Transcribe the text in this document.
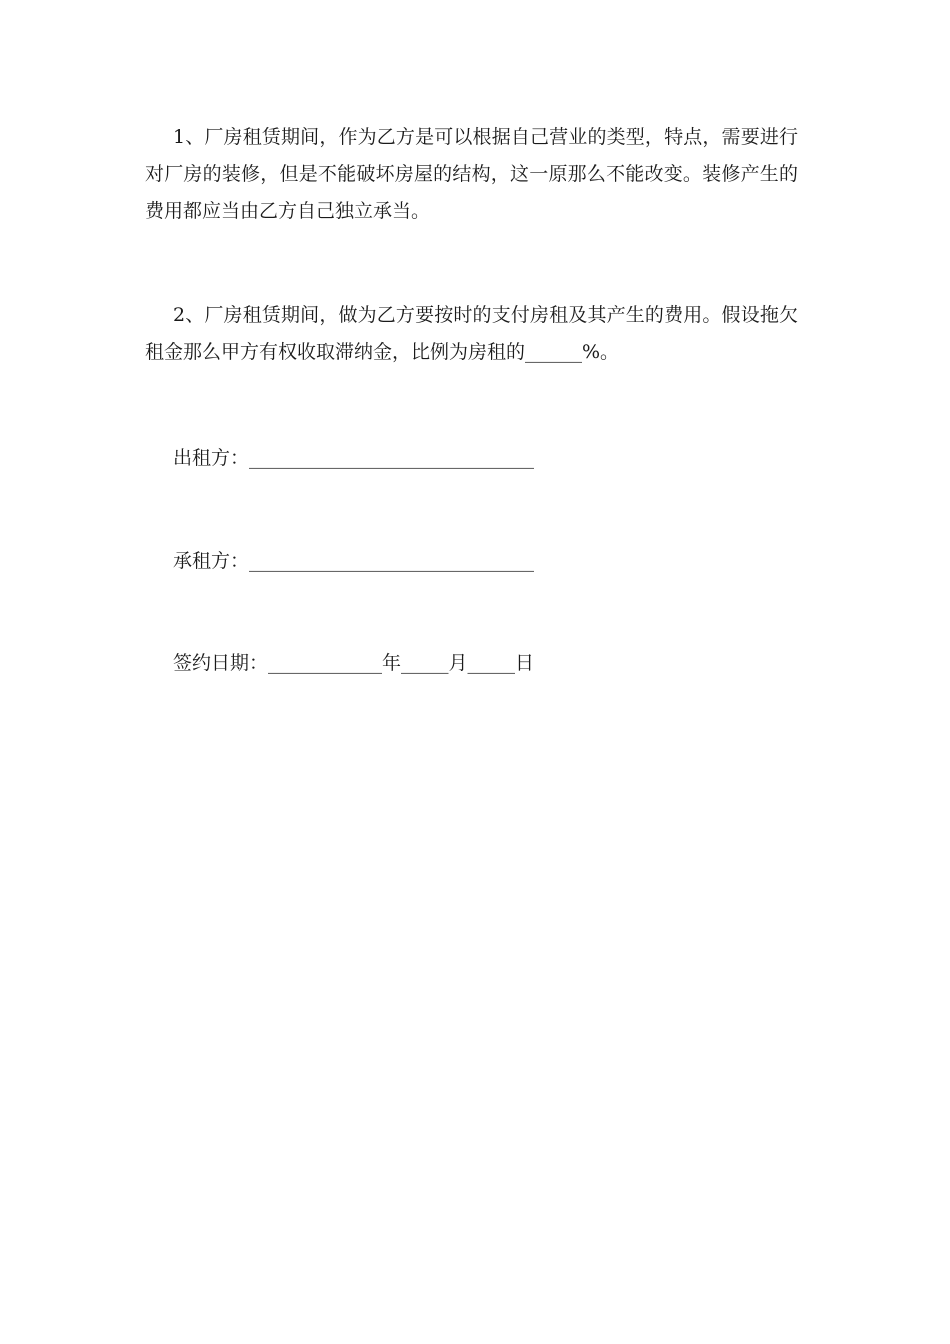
1、厂房租赁期间，作为乙方是可以根据自己营业的类型，特点，需要进行对厂房的装修，但是不能破坏房屋的结构，这一原那么不能改变。装修产生的费用都应当由乙方自己独立承当。

2、厂房租赁期间，做为乙方要按时的支付房租及其产生的费用。假设拖欠租金那么甲方有权收取滞纳金，比例为房租的______%。

出租方：______________________________
承租方：______________________________
签约日期：____________年_____月_____日
